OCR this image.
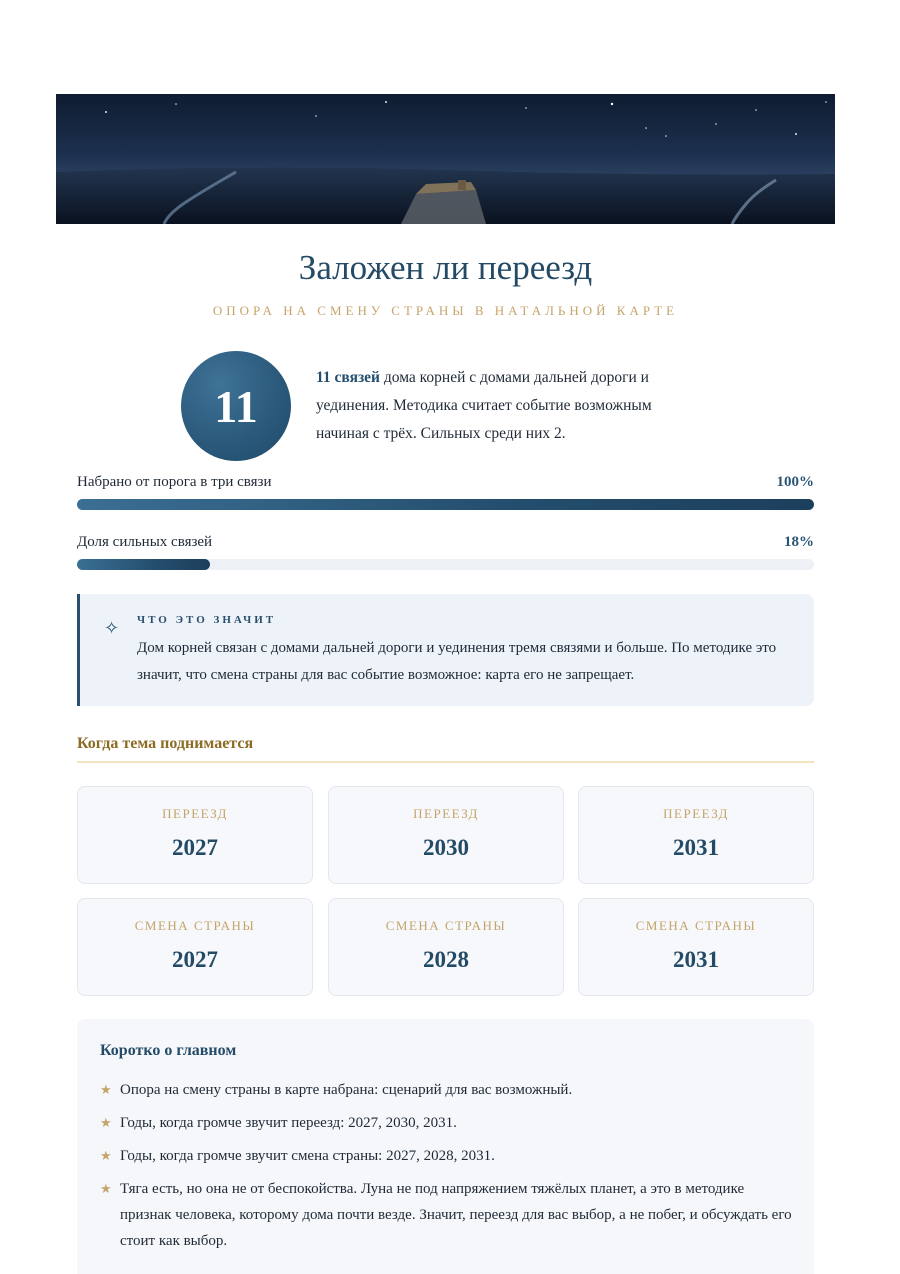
Заложен ли переезд
ОПОРА НА СМЕНУ СТРАНЫ В НАТАЛЬНОЙ КАРТЕ
11
11 связей дома корней с домами дальней дороги и уединения. Методика считает событие возможным начиная с трёх. Сильных среди них 2.
Набрано от порога в три связи	100%
Доля сильных связей	18%
✧ ЧТО ЭТО ЗНАЧИТ
Дом корней связан с домами дальней дороги и уединения тремя связями и больше. По методике это значит, что смена страны для вас событие возможное: карта его не запрещает.
Когда тема поднимается
ПЕРЕЕЗД
2027
ПЕРЕЕЗД
2030
ПЕРЕЕЗД
2031
СМЕНА СТРАНЫ
2027
СМЕНА СТРАНЫ
2028
СМЕНА СТРАНЫ
2031
Коротко о главном
★ Опора на смену страны в карте набрана: сценарий для вас возможный.
★ Годы, когда громче звучит переезд: 2027, 2030, 2031.
★ Годы, когда громче звучит смена страны: 2027, 2028, 2031.
★ Тяга есть, но она не от беспокойства. Луна не под напряжением тяжёлых планет, а это в методике признак человека, которому дома почти везде. Значит, переезд для вас выбор, а не побег, и обсуждать его стоит как выбор.
